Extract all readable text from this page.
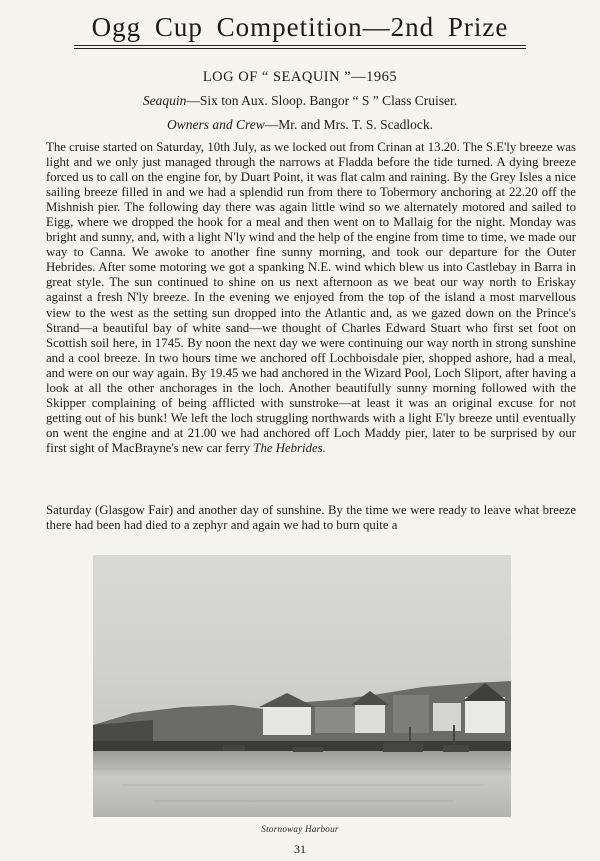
Ogg Cup Competition—2nd Prize
LOG OF “ SEAQUIN ”—1965
Seaquin—Six ton Aux. Sloop. Bangor “ S ” Class Cruiser.
Owners and Crew—Mr. and Mrs. T. S. Scadlock.
The cruise started on Saturday, 10th July, as we locked out from Crinan at 13.20. The S.E'ly breeze was light and we only just managed through the narrows at Fladda before the tide turned. A dying breeze forced us to call on the engine for, by Duart Point, it was flat calm and raining. By the Grey Isles a nice sailing breeze filled in and we had a splendid run from there to Tobermory anchoring at 22.20 off the Mishnish pier. The following day there was again little wind so we alternately motored and sailed to Eigg, where we dropped the hook for a meal and then went on to Mallaig for the night. Monday was bright and sunny, and, with a light N'ly wind and the help of the engine from time to time, we made our way to Canna. We awoke to another fine sunny morning, and took our departure for the Outer Hebrides. After some motoring we got a spanking N.E. wind which blew us into Castlebay in Barra in great style. The sun continued to shine on us next afternoon as we beat our way north to Eriskay against a fresh N'ly breeze. In the evening we enjoyed from the top of the island a most marvellous view to the west as the setting sun dropped into the Atlantic and, as we gazed down on the Prince's Strand—a beautiful bay of white sand—we thought of Charles Edward Stuart who first set foot on Scottish soil here, in 1745. By noon the next day we were continuing our way north in strong sunshine and a cool breeze. In two hours time we anchored off Lochboisdale pier, shopped ashore, had a meal, and were on our way again. By 19.45 we had anchored in the Wizard Pool, Loch Sliport, after having a look at all the other anchorages in the loch. Another beautifully sunny morning followed with the Skipper complaining of being afflicted with sunstroke—at least it was an original excuse for not getting out of his bunk! We left the loch struggling northwards with a light E'ly breeze until eventually on went the engine and at 21.00 we had anchored off Loch Maddy pier, later to be surprised by our first sight of MacBrayne's new car ferry The Hebrides.
Saturday (Glasgow Fair) and another day of sunshine. By the time we were ready to leave what breeze there had been had died to a zephyr and again we had to burn quite a
Stornoway Harbour
31
